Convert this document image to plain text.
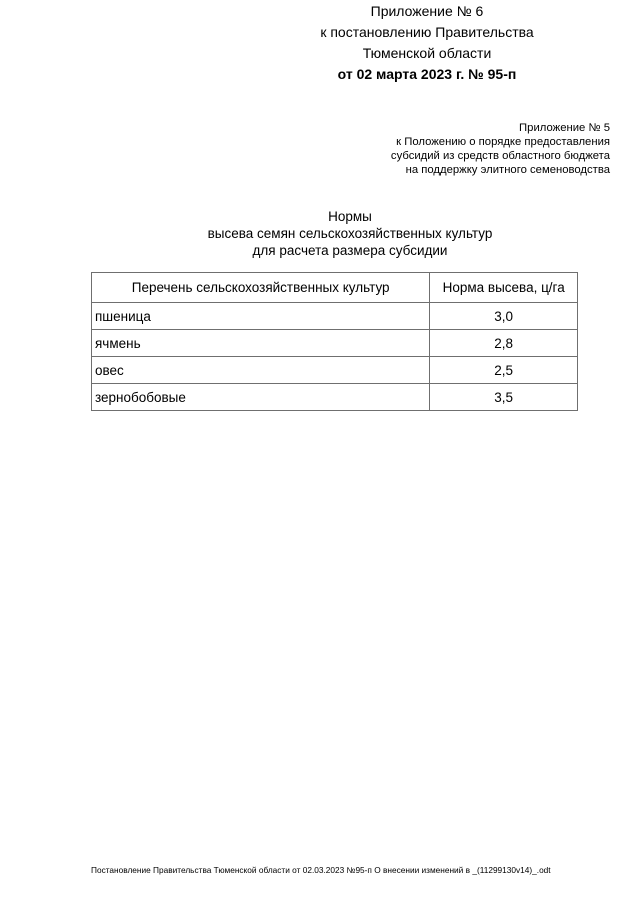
Приложение № 6
к постановлению Правительства
Тюменской области
от 02 марта 2023 г. № 95-п
Приложение № 5
к Положению о порядке предоставления
субсидий из средств областного бюджета
на поддержку элитного семеноводства
Нормы
высева семян сельскохозяйственных культур
для расчета размера субсидии
Перечень сельскохозяйственных культур	Норма высева, ц/га
пшеница	3,0
ячмень	2,8
овес	2,5
зернобобовые	3,5
Постановление Правительства Тюменской области от 02.03.2023 №95-п О внесении изменений в _(11299130v14)_.odt
